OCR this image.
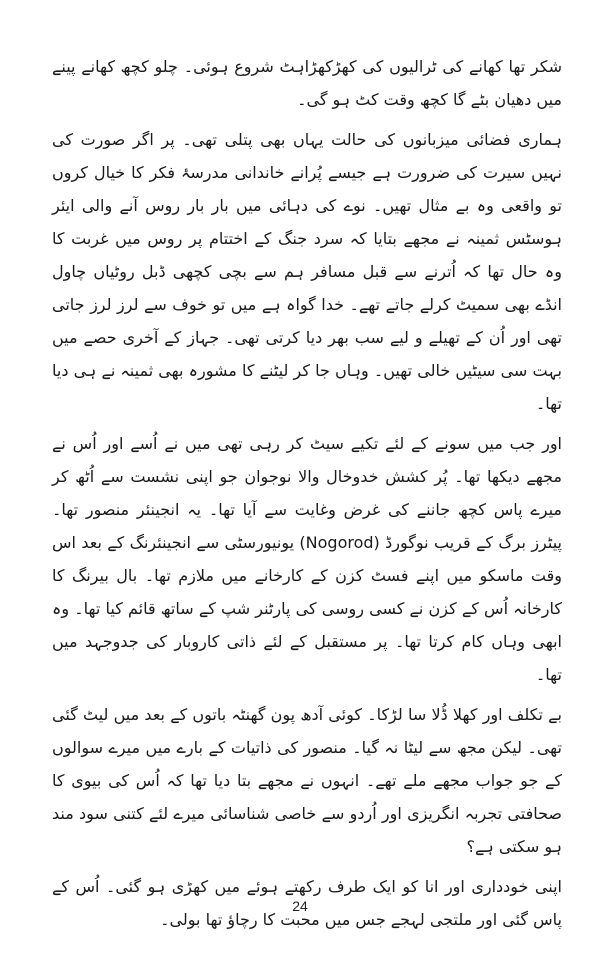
شکر تھا کھانے کی ٹرالیوں کی کھڑکھڑاہٹ شروع ہوئی۔ چلو کچھ کھانے پینے میں دھیان بٹے گا کچھ وقت کٹ ہو گی۔

ہماری فضائی میزبانوں کی حالت یہاں بھی پتلی تھی۔ پر اگر صورت کی نہیں سیرت کی ضرورت ہے جیسے پُرانے خاندانی مدرسۂ فکر کا خیال کروں تو واقعی وہ بے مثال تھیں۔ نوے کی دہائی میں بار بار روس آنے والی ایئر ہوسٹس ثمینہ نے مجھے بتایا کہ سرد جنگ کے اختتام پر روس میں غربت کا وہ حال تھا کہ اُترنے سے قبل مسافر ہم سے بچی کچھی ڈبل روٹیاں چاول انڈے بھی سمیٹ کرلے جاتے تھے۔ خدا گواہ ہے میں تو خوف سے لرز لرز جاتی تھی اور اُن کے تھیلے و لیے سب بھر دیا کرتی تھی۔ جہاز کے آخری حصے میں بہت سی سیٹیں خالی تھیں۔ وہاں جا کر لیٹنے کا مشورہ بھی ثمینہ نے ہی دیا تھا۔

اور جب میں سونے کے لئے تکیے سیٹ کر رہی تھی میں نے اُسے اور اُس نے مجھے دیکھا تھا۔ پُر کشش خدوخال والا نوجوان جو اپنی نشست سے اُٹھ کر میرے پاس کچھ جاننے کی غرض وغایت سے آیا تھا۔ یہ انجینئر منصور تھا۔ پیٹرز برگ کے قریب نوگورڈ (Nogorod) یونیورسٹی سے انجینئرنگ کے بعد اس وقت ماسکو میں اپنے فسٹ کزن کے کارخانے میں ملازم تھا۔ بال بیرنگ کا کارخانہ اُس کے کزن نے کسی روسی کی پارٹنر شپ کے ساتھ قائم کیا تھا۔ وہ ابھی وہاں کام کرتا تھا۔ پر مستقبل کے لئے ذاتی کاروبار کی جدوجہد میں تھا۔

بے تکلف اور کھلا ڈُلا سا لڑکا۔ کوئی آدھ پون گھنٹہ باتوں کے بعد میں لیٹ گئی تھی۔ لیکن مجھ سے لیٹا نہ گیا۔ منصور کی ذاتیات کے بارے میں میرے سوالوں کے جو جواب مجھے ملے تھے۔ انہوں نے مجھے بتا دیا تھا کہ اُس کی بیوی کا صحافتی تجربہ انگریزی اور اُردو سے خاصی شناسائی میرے لئے کتنی سود مند ہو سکتی ہے؟

اپنی خودداری اور انا کو ایک طرف رکھتے ہوئے میں کھڑی ہو گئی۔ اُس کے پاس گئی اور ملتجی لہجے جس میں محبت کا رچاؤ تھا بولی۔

24
